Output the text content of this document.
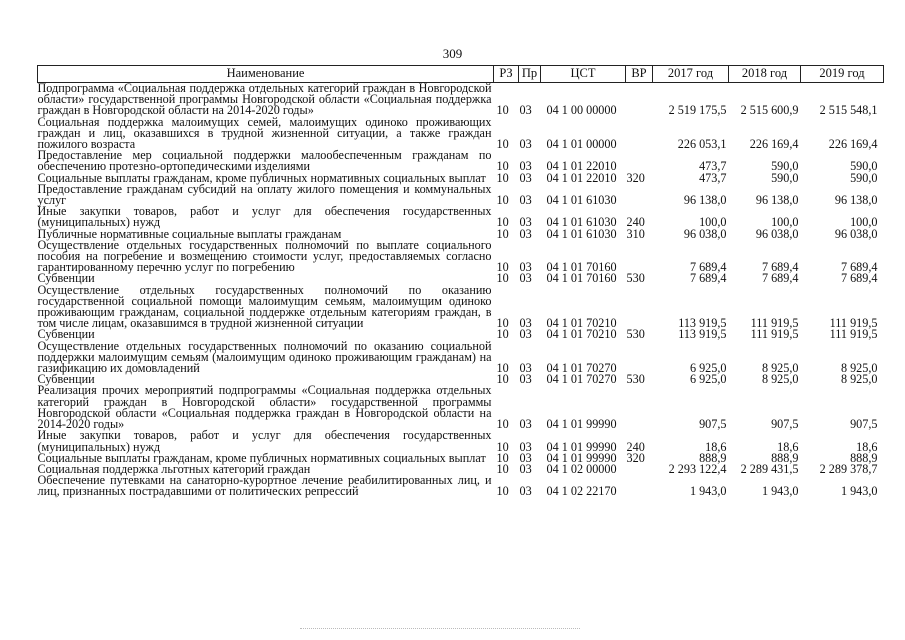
309
Наименование	РЗ	Пр	ЦСТ	ВР	2017 год	2018 год	2019 год
Подпрограмма «Социальная поддержка отдельных категорий граждан в Новгородской области» государственной программы Новгородской области «Социальная поддержка граждан в Новгородской области на 2014-2020 годы»	10	03	04 1 00 00000		2 519 175,5	2 515 600,9	2 515 548,1
Социальная поддержка малоимущих семей, малоимущих одиноко проживающих граждан и лиц, оказавшихся в трудной жизненной ситуации, а также граждан пожилого возраста	10	03	04 1 01 00000		226 053,1	226 169,4	226 169,4
Предоставление мер социальной поддержки малообеспеченным гражданам по обеспечению протезно-ортопедическими изделиями	10	03	04 1 01 22010		473,7	590,0	590,0
Социальные выплаты гражданам, кроме публичных нормативных социальных выплат	10	03	04 1 01 22010	320	473,7	590,0	590,0
Предоставление гражданам субсидий на оплату жилого помещения и коммунальных услуг	10	03	04 1 01 61030		96 138,0	96 138,0	96 138,0
Иные закупки товаров, работ и услуг для обеспечения государственных (муниципальных) нужд	10	03	04 1 01 61030	240	100,0	100,0	100,0
Публичные нормативные социальные выплаты гражданам	10	03	04 1 01 61030	310	96 038,0	96 038,0	96 038,0
Осуществление отдельных государственных полномочий по выплате социального пособия на погребение и возмещению стоимости услуг, предоставляемых согласно гарантированному перечню услуг по погребению	10	03	04 1 01 70160		7 689,4	7 689,4	7 689,4
Субвенции	10	03	04 1 01 70160	530	7 689,4	7 689,4	7 689,4
Осуществление отдельных государственных полномочий по оказанию государственной социальной помощи малоимущим семьям, малоимущим одиноко проживающим гражданам, социальной поддержке отдельным категориям граждан, в том числе лицам, оказавшимся в трудной жизненной ситуации	10	03	04 1 01 70210		113 919,5	111 919,5	111 919,5
Субвенции	10	03	04 1 01 70210	530	113 919,5	111 919,5	111 919,5
Осуществление отдельных государственных полномочий по оказанию социальной поддержки малоимущим семьям (малоимущим одиноко проживающим гражданам) на газификацию их домовладений	10	03	04 1 01 70270		6 925,0	8 925,0	8 925,0
Субвенции	10	03	04 1 01 70270	530	6 925,0	8 925,0	8 925,0
Реализация прочих мероприятий подпрограммы «Социальная поддержка отдельных категорий граждан в Новгородской области» государственной программы Новгородской области «Социальная поддержка граждан в Новгородской области на 2014-2020 годы»	10	03	04 1 01 99990		907,5	907,5	907,5
Иные закупки товаров, работ и услуг для обеспечения государственных (муниципальных) нужд	10	03	04 1 01 99990	240	18,6	18,6	18,6
Социальные выплаты гражданам, кроме публичных нормативных социальных выплат	10	03	04 1 01 99990	320	888,9	888,9	888,9
Социальная поддержка льготных категорий граждан	10	03	04 1 02 00000		2 293 122,4	2 289 431,5	2 289 378,7
Обеспечение путевками на санаторно-курортное лечение реабилитированных лиц, и лиц, признанных пострадавшими от политических репрессий	10	03	04 1 02 22170		1 943,0	1 943,0	1 943,0
